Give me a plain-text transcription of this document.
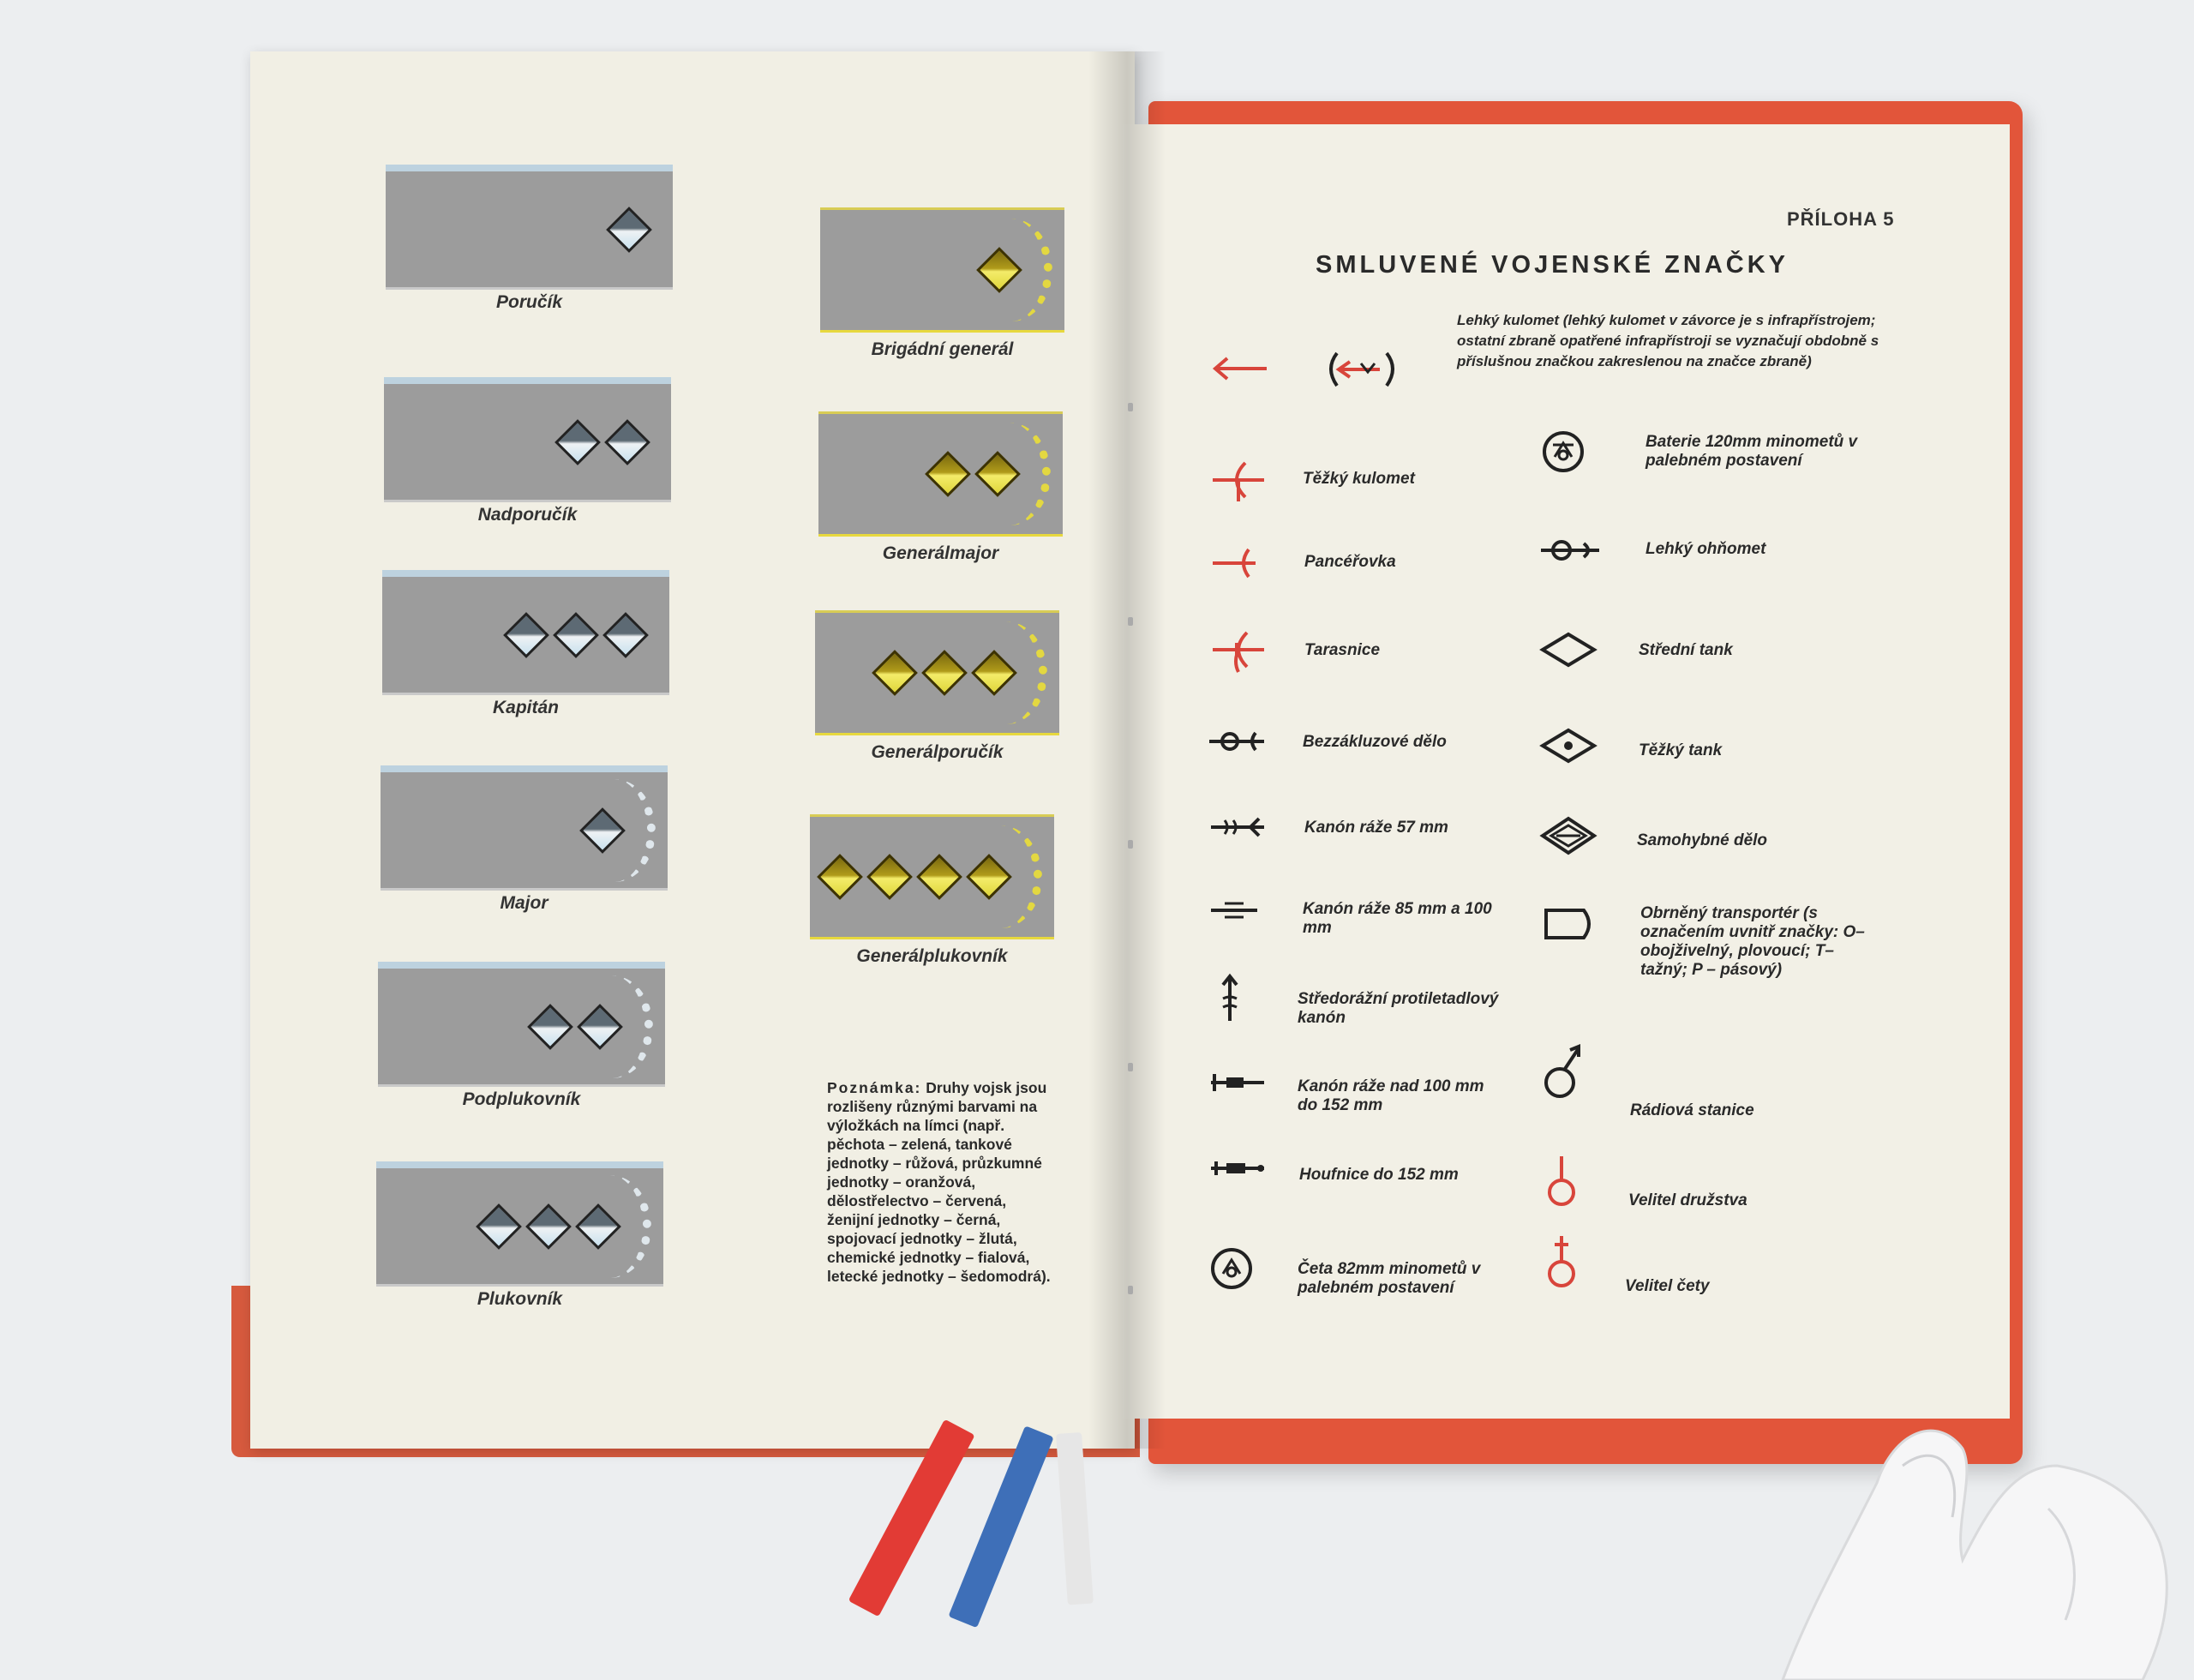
Poručík
Nadporučík
Kapitán
Major
Podplukovník
Plukovník
Brigádní generál
Generálmajor
Generálporučík
Generálplukovník
Poznámka: Druhy vojsk jsou rozlišeny různými barvami na výložkách na límci (např. pěchota – zelená, tankové jednotky – růžová, průzkumné jednotky – oranžová, dělostřelectvo – červená, ženijní jednotky – černá, spojovací jednotky – žlutá, chemické jednotky – fialová, letecké jednotky – šedomodrá).
PŘÍLOHA 5
SMLUVENÉ VOJENSKÉ ZNAČKY
Lehký kulomet (lehký kulomet v závorce je s infrapřístrojem; ostatní zbraně opatřené infrapřístroji se vyznačují obdobně s příslušnou značkou zakreslenou na značce zbraně)
Těžký kulomet
Pancéřovka
Tarasnice
Bezzákluzové dělo
Kanón ráže 57 mm
Kanón ráže 85 mm a 100 mm
Středorážní protiletadlový kanón
Kanón ráže nad 100 mm do 152 mm
Houfnice do 152 mm
Četa 82mm minometů v palebném postavení
Baterie 120mm minometů v palebném postavení
Lehký ohňomet
Střední tank
Těžký tank
Samohybné dělo
Obrněný transportér (s označením uvnitř značky: O–obojživelný, plovoucí; T– tažný; P – pásový)
Rádiová stanice
Velitel družstva
Velitel čety
